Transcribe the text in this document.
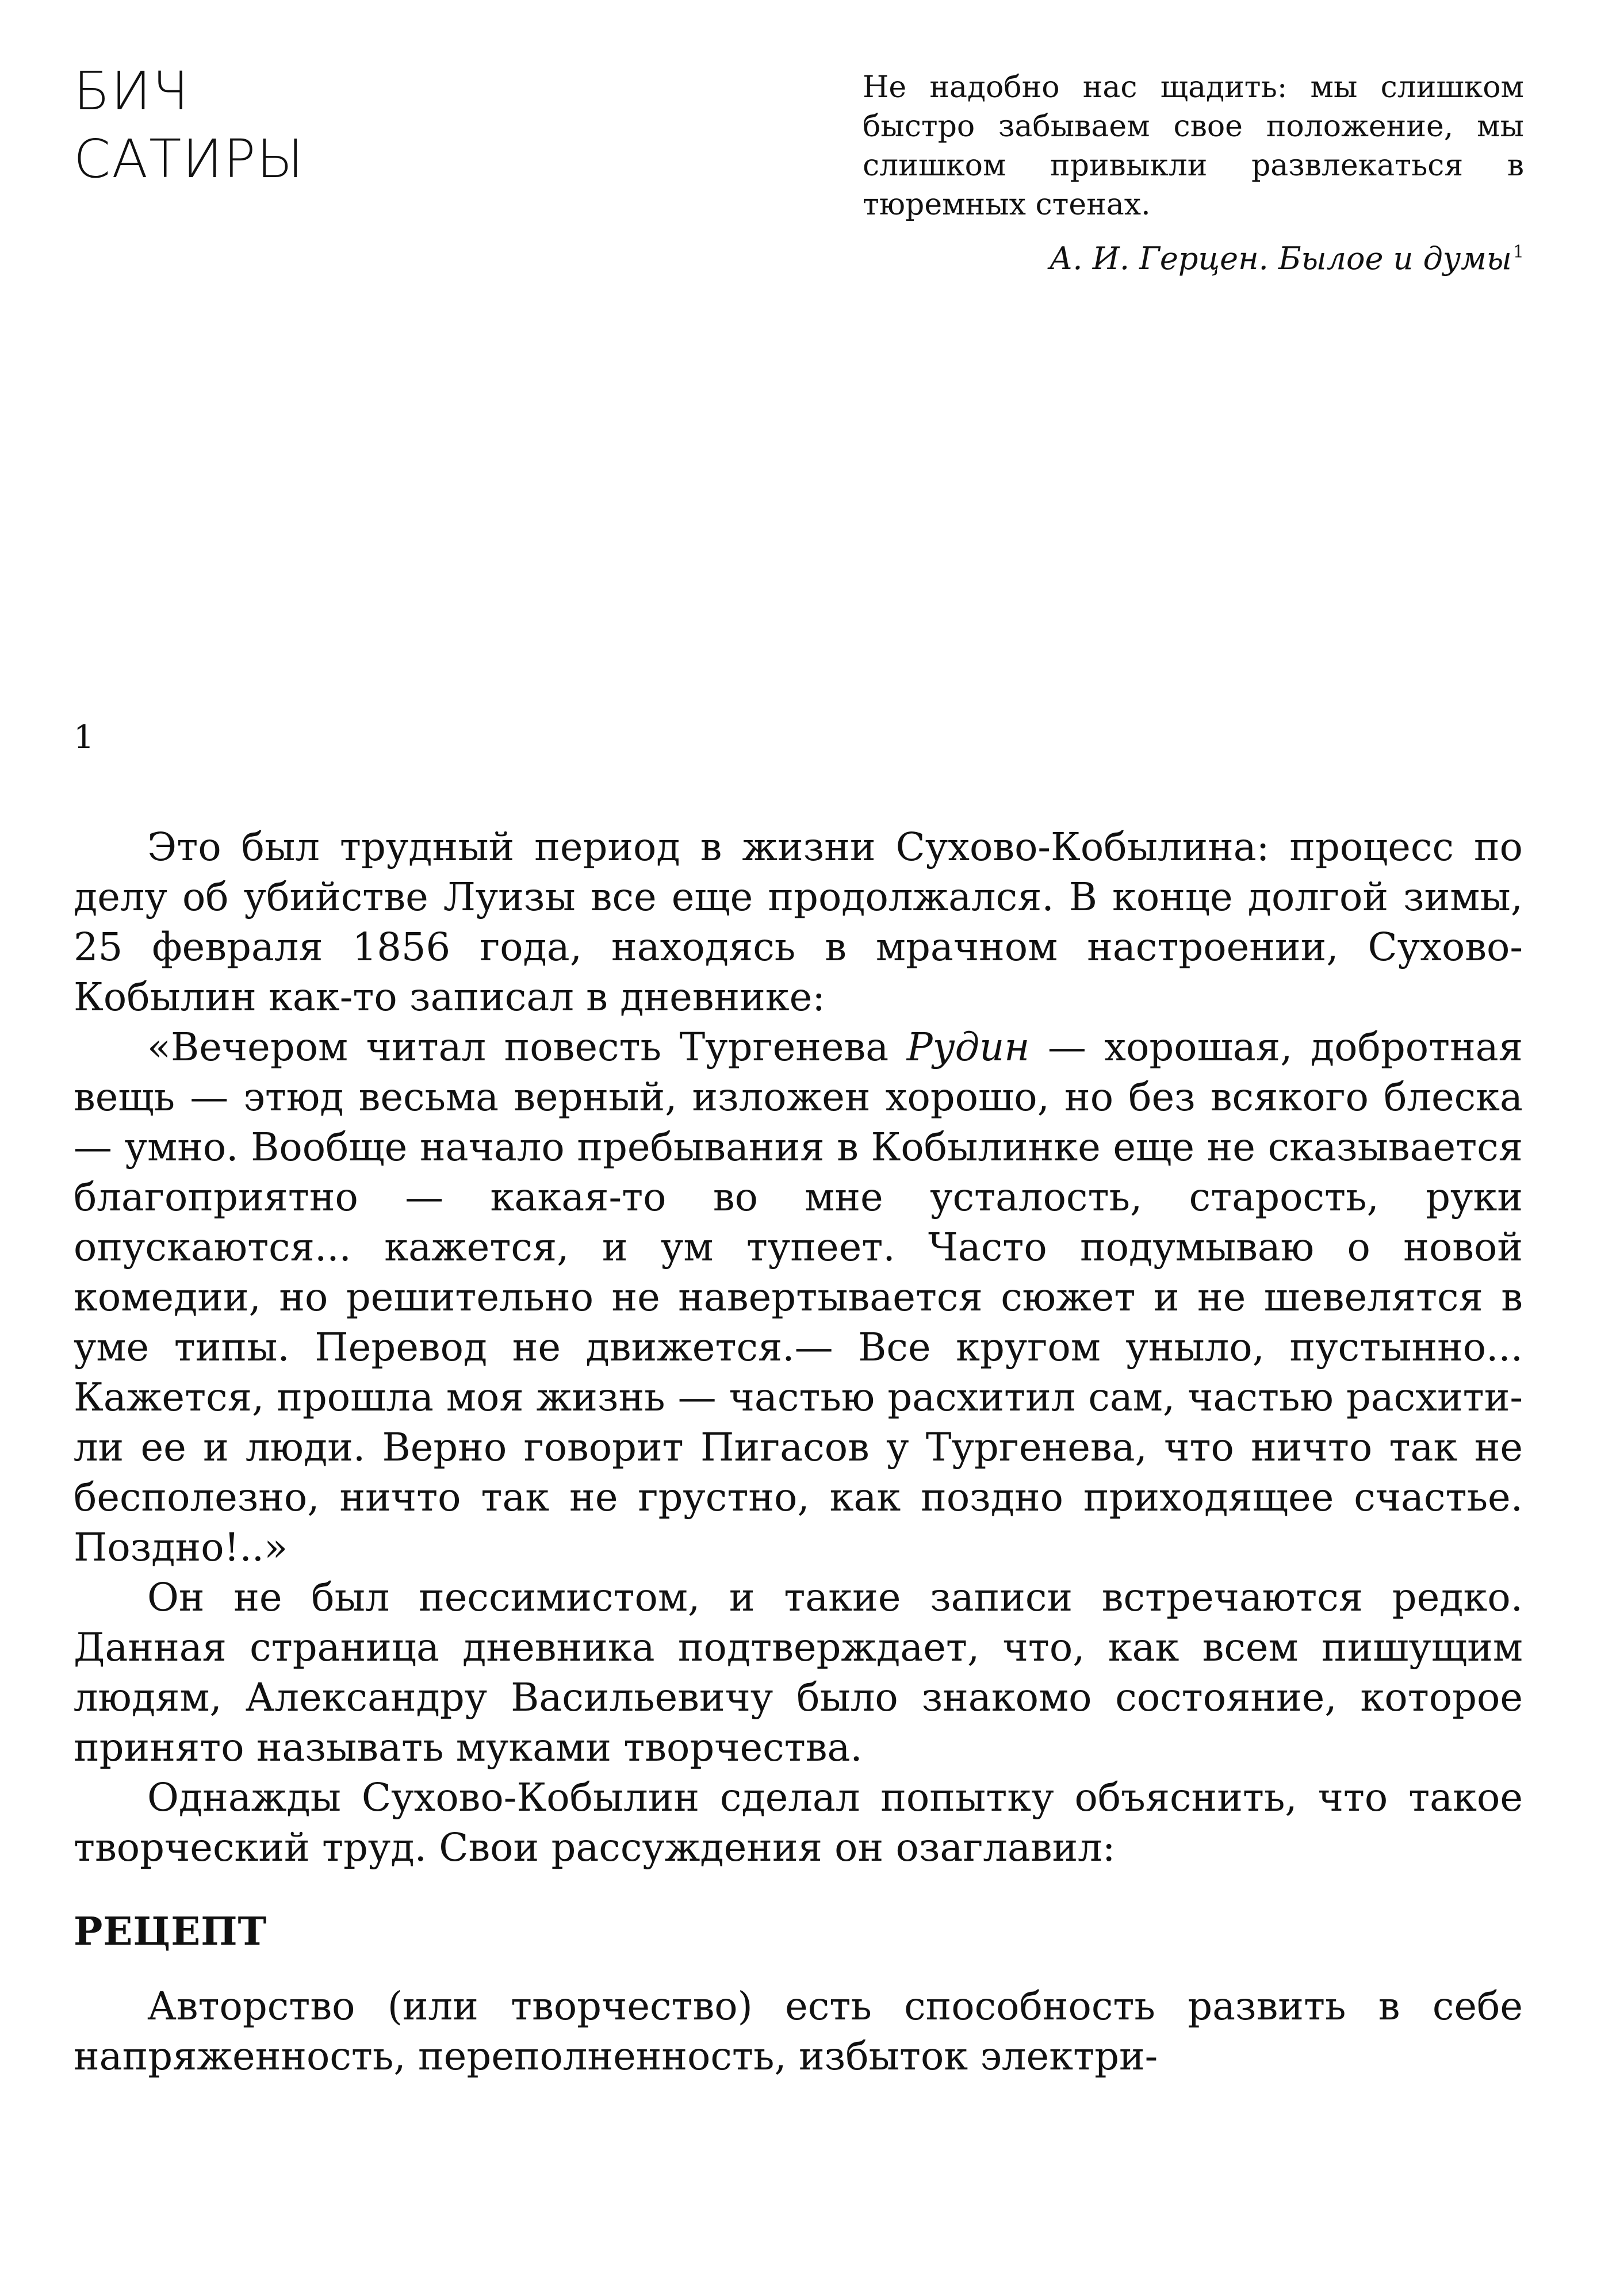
БИЧ
САТИРЫ

Не надобно нас щадить: мы слишком быстро забываем свое положение, мы слишком привыкли развлекаться в тюремных стенах.

А. И. Герцен. Былое и думы$^1$

1

Это был трудный период в жизни Сухово-Кобылина: процесс по делу об убийстве Луизы все еще продолжался. В конце долгой зимы, 25 февраля 1856 года, находясь в мрачном настроении, Сухово-Кобылин как-то записал в дневнике:

«Вечером читал повесть Тургенева Рудин — хорошая, добротная вещь — этюд весьма верный, изложен хорошо, но без всякого блеска — умно. Вообще начало пребывания в Кобылинке еще не сказывается благоприятно — какая-то во мне усталость, старость, руки опускаются... кажется, и ум тупеет. Часто подумываю о новой комедии, но решительно не навертывается сюжет и не шевелятся в уме типы. Перевод не движется.— Все кругом уныло, пустынно... Кажется, прошла моя жизнь — частью расхитил сам, частью расхитили ее и люди. Верно говорит Пигасов у Тургенева, что ничто так не бесполезно, ничто так не грустно, как поздно приходящее счастье. Поздно!..»

Он не был пессимистом, и такие записи встречаются редко. Данная страница дневника подтверждает, что, как всем пишущим людям, Александру Васильевичу было знакомо состояние, которое принято называть муками творчества.

Однажды Сухово-Кобылин сделал попытку объяснить, что такое творческий труд. Свои рассуждения он озаглавил:

РЕЦЕПТ

Авторство (или творчество) есть способность развить в себе напряженность, переполненность, избыток электри-
